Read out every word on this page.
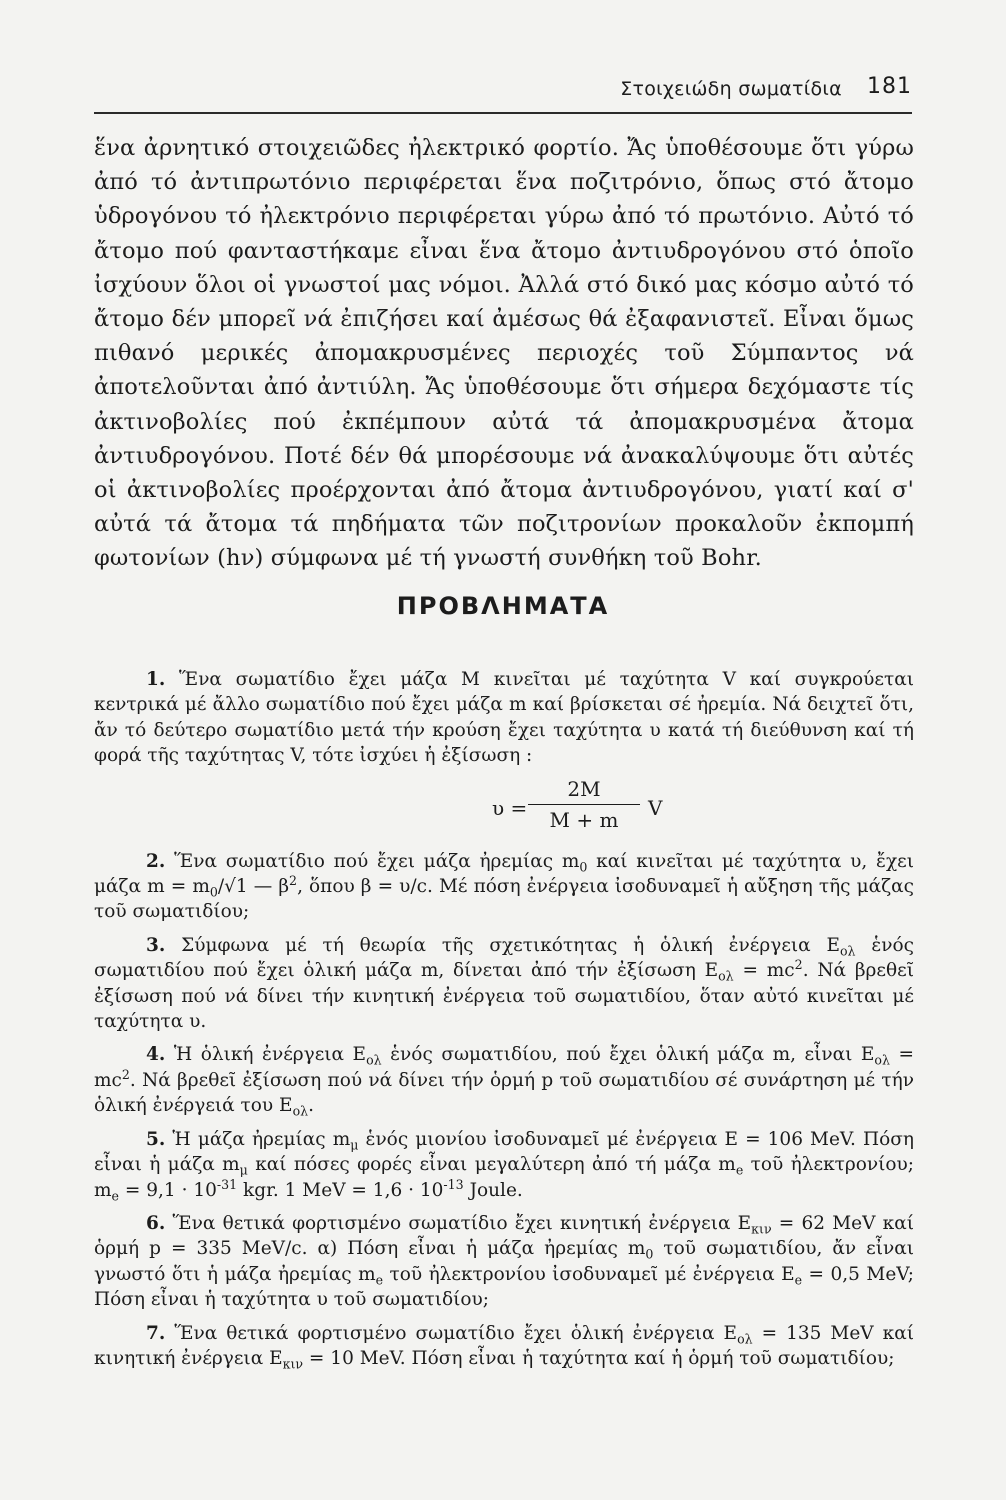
Στοιχειώδη σωματίδια 181

ἕνα ἀρνητικό στοιχειῶδες ἠλεκτρικό φορτίο. Ἄς ὑποθέσουμε ὅτι γύρω ἀπό τό ἀντιπρωτόνιο περιφέρεται ἕνα ποζιτρόνιο, ὅπως στό ἄτομο ὑδρογόνου τό ἠλεκτρόνιο περιφέρεται γύρω ἀπό τό πρωτόνιο. Αὐτό τό ἄτομο πού φανταστήκαμε εἶναι ἕνα ἄτομο ἀντιυδρογόνου στό ὁποῖο ἰσχύουν ὅλοι οἱ γνωστοί μας νόμοι. Ἀλλά στό δικό μας κόσμο αὐτό τό ἄτομο δέν μπορεῖ νά ἐπιζήσει καί ἀμέσως θά ἐξαφανιστεῖ. Εἶναι ὅμως πιθανό μερικές ἀπομακρυσμένες περιοχές τοῦ Σύμπαντος νά ἀποτελοῦνται ἀπό ἀντιύλη. Ἄς ὑποθέσουμε ὅτι σήμερα δεχόμαστε τίς ἀκτινοβολίες πού ἐκπέμπουν αὐτά τά ἀπομακρυσμένα ἄτομα ἀντιυδρογόνου. Ποτέ δέν θά μπορέσουμε νά ἀνακαλύψουμε ὅτι αὐτές οἱ ἀκτινοβολίες προέρχονται ἀπό ἄτομα ἀντιυδρογόνου, γιατί καί σ' αὐτά τά ἄτομα τά πηδήματα τῶν ποζιτρονίων προκαλοῦν ἐκπομπή φωτονίων (hν) σύμφωνα μέ τή γνωστή συνθήκη τοῦ Bohr.

ΠΡΟΒΛΗΜΑΤΑ

1. Ἕνα σωματίδιο ἔχει μάζα Μ κινεῖται μέ ταχύτητα V καί συγκρούεται κεντρικά μέ ἄλλο σωματίδιο πού ἔχει μάζα m καί βρίσκεται σέ ἠρεμία. Νά δειχτεῖ ὅτι, ἄν τό δεύτερο σωματίδιο μετά τήν κρούση ἔχει ταχύτητα υ κατά τή διεύθυνση καί τή φορά τῆς ταχύτητας V, τότε ἰσχύει ἡ ἐξίσωση :

υ =
2M
M + m	V

2. Ἕνα σωματίδιο πού ἔχει μάζα ἠρεμίας $m_0$ καί κινεῖται μέ ταχύτητα υ, ἔχει μάζα $m = m_0/√1$ — $\beta^2$, ὅπου β = υ/c. Μέ πόση ἐνέργεια ἰσοδυναμεῖ ἡ αὔξηση τῆς μάζας τοῦ σωματιδίου;

3. Σύμφωνα μέ τή θεωρία τῆς σχετικότητας ἡ ὁλική ἐνέργεια $E_{o\lambda}$ ἑνός σωματιδίου πού ἔχει ὁλική μάζα m, δίνεται ἀπό τήν ἐξίσωση $E_{o\lambda} = mc^2$. Νά βρεθεῖ ἐξίσωση πού νά δίνει τήν κινητική ἐνέργεια τοῦ σωματιδίου, ὅταν αὐτό κινεῖται μέ ταχύτητα υ.

4. Ἡ ὁλική ἐνέργεια $E_{o\lambda}$ ἑνός σωματιδίου, πού ἔχει ὁλική μάζα m, εἶναι $E_{o\lambda} = mc^2$. Νά βρεθεῖ ἐξίσωση πού νά δίνει τήν ὁρμή p τοῦ σωματιδίου σέ συνάρτηση μέ τήν ὁλική ἐνέργειά του $E_{o\lambda}$.

5. Ἡ μάζα ἠρεμίας $m_\mu$ ἑνός μιονίου ἰσοδυναμεῖ μέ ἐνέργεια E = 106 MeV. Πόση εἶναι ἡ μάζα $m_\mu$ καί πόσες φορές εἶναι μεγαλύτερη ἀπό τή μάζα $m_e$ τοῦ ἠλεκτρονίου; $m_e = 9,1 \cdot 10^{-31}$ kgr. 1 MeV = $1,6 \cdot 10^{-13}$ Joule.

6. Ἕνα θετικά φορτισμένο σωματίδιο ἔχει κινητική ἐνέργεια $E_{\kappa\iota\nu} = 62$ MeV καί ὁρμή p = 335 MeV/c. α) Πόση εἶναι ἡ μάζα ἠρεμίας $m_0$ τοῦ σωματιδίου, ἄν εἶναι γνωστό ὅτι ἡ μάζα ἠρεμίας $m_e$ τοῦ ἠλεκτρονίου ἰσοδυναμεῖ μέ ἐνέργεια $E_e = 0,5$ MeV; Πόση εἶναι ἡ ταχύτητα υ τοῦ σωματιδίου;

7. Ἕνα θετικά φορτισμένο σωματίδιο ἔχει ὁλική ἐνέργεια $E_{o\lambda} = 135$ MeV καί κινητική ἐνέργεια $E_{\kappa\iota\nu} = 10$ MeV. Πόση εἶναι ἡ ταχύτητα καί ἡ ὁρμή τοῦ σωματιδίου;
